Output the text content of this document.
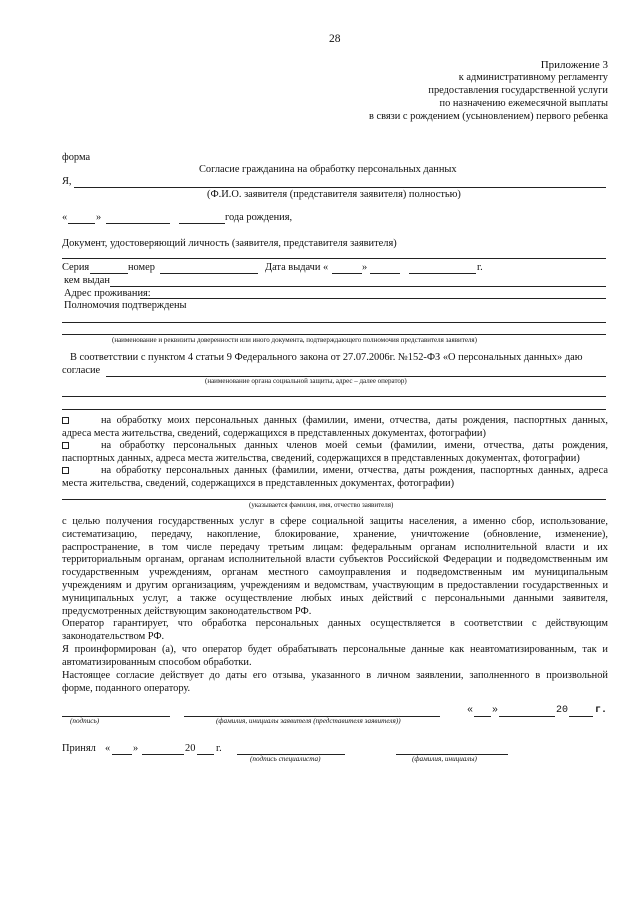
28
Приложение 3
к административному регламенту
предоставления государственной услуги
по назначению ежемесячной выплаты
в связи с рождением (усыновлением) первого ребенка
форма
Согласие гражданина на обработку персональных данных
Я,
(Ф.И.О. заявителя (представителя заявителя) полностью)
«	»	года рождения,
Документ, удостоверяющий личность (заявителя, представителя заявителя)
Серия	номер	Дата выдачи «	»	г.
кем выдан
Адрес проживания:
Полномочия подтверждены
(наименование и реквизиты доверенности или иного документа, подтверждающего полномочия представителя заявителя)
В соответствии с пунктом 4 статьи 9 Федерального закона от 27.07.2006г. №152-ФЗ «О персональных данных» даю
согласие
(наименование органа социальной защиты, адрес – далее оператор)
на обработку моих персональных данных (фамилии, имени, отчества, даты рождения, паспортных данных,
адреса места жительства, сведений, содержащихся в представленных документах, фотографии)
на обработку персональных данных членов моей семьи (фамилии, имени, отчества, даты рождения,
паспортных данных, адреса места жительства, сведений, содержащихся в представленных документах, фотографии)
на обработку персональных данных (фамилии, имени, отчества, даты рождения, паспортных данных, адреса
места жительства, сведений, содержащихся в представленных документах, фотографии)
(указывается фамилия, имя, отчество заявителя)
с целью получения государственных услуг в сфере социальной защиты населения, а именно сбор, использование,
систематизацию, передачу, накопление, блокирование, хранение, уничтожение (обновление, изменение),
распространение, в том числе передачу третьим лицам: федеральным органам исполнительной власти и их
территориальным органам, органам исполнительной власти субъектов Российской Федерации и подведомственным им
государственным учреждениям, органам местного самоуправления и подведомственным им муниципальным
учреждениям и другим организациям, учреждениям и ведомствам, участвующим в предоставлении государственных и
муниципальных услуг, а также осуществление любых иных действий с персональными данными заявителя,
предусмотренных действующим законодательством РФ.
Оператор гарантирует, что обработка персональных данных осуществляется в соответствии с действующим
законодательством РФ.
Я проинформирован (а), что оператор будет обрабатывать персональные данные как неавтоматизированным, так и
автоматизированным способом обработки.
Настоящее согласие действует до даты его отзыва, указанного в личном заявлении, заполненного в произвольной
форме, поданного оператору.
(подпись)	(фамилия, инициалы заявителя (представителя заявителя))
« »	20	г.
Принял « »	20 г.
(подпись специалиста)	(фамилия, инициалы)
